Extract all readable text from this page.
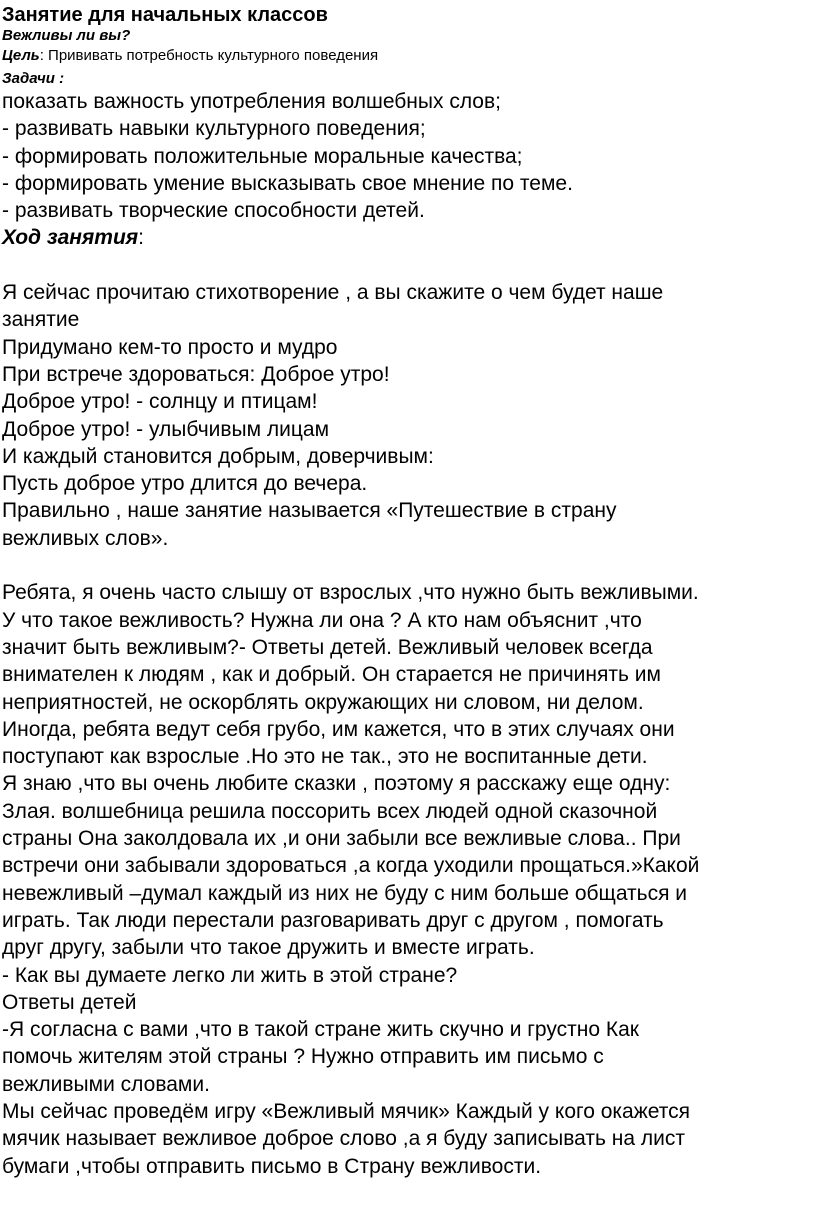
Занятие для начальных классов
Вежливы ли вы?
Цель: Прививать потребность культурного поведения
Задачи :
показать важность употребления волшебных слов;
- развивать навыки культурного поведения;
- формировать положительные моральные качества;
- формировать умение высказывать свое мнение по теме.
- развивать творческие способности детей.
Ход занятия:
Я сейчас прочитаю стихотворение , а вы скажите о чем будет наше
занятие
Придумано кем-то просто и мудро
При встрече здороваться: Доброе утро!
Доброе утро! - солнцу и птицам!
Доброе утро! - улыбчивым лицам
И каждый становится добрым, доверчивым:
Пусть доброе утро длится до вечера.
Правильно , наше занятие называется «Путешествие в страну
вежливых слов».
Ребята, я очень часто слышу от взрослых ,что нужно быть вежливыми.
У что такое вежливость? Нужна ли она ? А кто нам объяснит ,что
значит быть вежливым?- Ответы детей. Вежливый человек всегда
внимателен к людям , как и добрый. Он старается не причинять им
неприятностей, не оскорблять окружающих ни словом, ни делом.
Иногда, ребята ведут себя грубо, им кажется, что в этих случаях они
поступают как взрослые .Но это не так., это не воспитанные дети.
Я знаю ,что вы очень любите сказки , поэтому я расскажу еще одну:
Злая. волшебница решила поссорить всех людей одной сказочной
страны Она заколдовала их ,и они забыли все вежливые слова.. При
встречи они забывали здороваться ,а когда уходили прощаться.»Какой
невежливый –думал каждый из них не буду с ним больше общаться и
играть. Так люди перестали разговаривать друг с другом , помогать
друг другу, забыли что такое дружить и вместе играть.
- Как вы думаете легко ли жить в этой стране?
Ответы детей
-Я согласна с вами ,что в такой стране жить скучно и грустно Как
помочь жителям этой страны ? Нужно отправить им письмо с
вежливыми словами.
Мы сейчас проведём игру «Вежливый мячик» Каждый у кого окажется
мячик называет вежливое доброе слово ,а я буду записывать на лист
бумаги ,чтобы отправить письмо в Страну вежливости.
